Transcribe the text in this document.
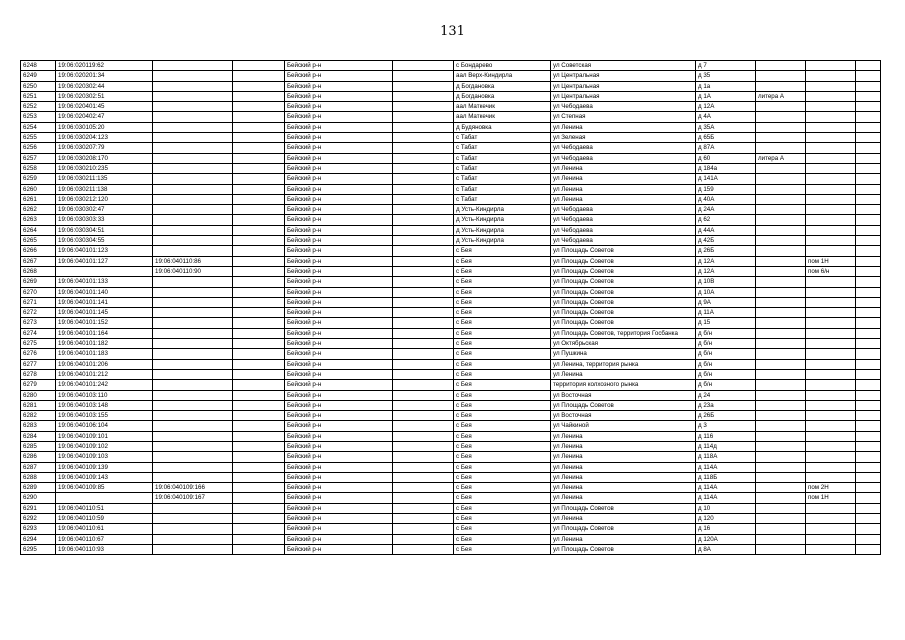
131
6248	19:06:020119:62			Бейский р-н		с Бондарево	ул Советская	д 7			
6249	19:06:020201:34			Бейский р-н		аал Верх-Киндирла	ул Центральная	д 35			
6250	19:06:020302:44			Бейский р-н		д Богдановка	ул Центральная	д 1а			
6251	19:06:020302:51			Бейский р-н		д Богдановка	ул Центральная	д 1А	литера А		
6252	19:06:020401:45			Бейский р-н		аал Маткечик	ул Чебодаева	д 12А			
6253	19:06:020402:47			Бейский р-н		аал Маткечик	ул Степная	д 4А			
6254	19:06:030105:20			Бейский р-н		д Будяновка	ул Ленина	д 35А			
6255	19:06:030204:123			Бейский р-н		с Табат	ул Зеленая	д 65Б			
6256	19:06:030207:79			Бейский р-н		с Табат	ул Чебодаева	д 87А			
6257	19:06:030208:170			Бейский р-н		с Табат	ул Чебодаева	д 60	литера А		
6258	19:06:030210:235			Бейский р-н		с Табат	ул Ленина	д 184а			
6259	19:06:030211:135			Бейский р-н		с Табат	ул Ленина	д 141А			
6260	19:06:030211:138			Бейский р-н		с Табат	ул Ленина	д 159			
6261	19:06:030212:120			Бейский р-н		с Табат	ул Ленина	д 40А			
6262	19:06:030302:47			Бейский р-н		д Усть-Киндирла	ул Чебодаева	д 24А			
6263	19:06:030303:33			Бейский р-н		д Усть-Киндирла	ул Чебодаева	д 62			
6264	19:06:030304:51			Бейский р-н		д Усть-Киндирла	ул Чебодаева	д 44А			
6265	19:06:030304:55			Бейский р-н		д Усть-Киндирла	ул Чебодаева	д 42Б			
6266	19:06:040101:123			Бейский р-н		с Бея	ул Площадь Советов	д 26Б			
6267	19:06:040101:127	19:06:040110:86		Бейский р-н		с Бея	ул Площадь Советов	д 12А		пом 1Н	
6268		19:06:040110:90		Бейский р-н		с Бея	ул Площадь Советов	д 12А		пом 6/н	
6269	19:06:040101:133			Бейский р-н		с Бея	ул Площадь Советов	д 10В			
6270	19:06:040101:140			Бейский р-н		с Бея	ул Площадь Советов	д 10А			
6271	19:06:040101:141			Бейский р-н		с Бея	ул Площадь Советов	д 9А			
6272	19:06:040101:145			Бейский р-н		с Бея	ул Площадь Советов	д 11А			
6273	19:06:040101:152			Бейский р-н		с Бея	ул Площадь Советов	д 15			
6274	19:06:040101:164			Бейский р-н		с Бея	ул Площадь Советов, территория Госбанка	д б/н			
6275	19:06:040101:182			Бейский р-н		с Бея	ул Октябрьская	д б/н			
6276	19:06:040101:183			Бейский р-н		с Бея	ул Пушкина	д б/н			
6277	19:06:040101:206			Бейский р-н		с Бея	ул Ленина, территория рынка	д б/н			
6278	19:06:040101:212			Бейский р-н		с Бея	ул Ленина	д б/н			
6279	19:06:040101:242			Бейский р-н		с Бея	территория колхозного рынка	д б/н			
6280	19:06:040103:110			Бейский р-н		с Бея	ул Восточная	д 24			
6281	19:06:040103:148			Бейский р-н		с Бея	ул Площадь Советов	д 23а			
6282	19:06:040103:155			Бейский р-н		с Бея	ул Восточная	д 26Б			
6283	19:06:040106:104			Бейский р-н		с Бея	ул Чайкиной	д 3			
6284	19:06:040109:101			Бейский р-н		с Бея	ул Ленина	д 116			
6285	19:06:040109:102			Бейский р-н		с Бея	ул Ленина	д 114д			
6286	19:06:040109:103			Бейский р-н		с Бея	ул Ленина	д 118А			
6287	19:06:040109:139			Бейский р-н		с Бея	ул Ленина	д 114А			
6288	19:06:040109:143			Бейский р-н		с Бея	ул Ленина	д 118Б			
6289	19:06:040109:85	19:06:040109:166		Бейский р-н		с Бея	ул Ленина	д 114А		пом 2Н	
6290		19:06:040109:167		Бейский р-н		с Бея	ул Ленина	д 114А		пом 1Н	
6291	19:06:040110:51			Бейский р-н		с Бея	ул Площадь Советов	д 10			
6292	19:06:040110:59			Бейский р-н		с Бея	ул Ленина	д 120			
6293	19:06:040110:61			Бейский р-н		с Бея	ул Площадь Советов	д 16			
6294	19:06:040110:67			Бейский р-н		с Бея	ул Ленина	д 120А			
6295	19:06:040110:93			Бейский р-н		с Бея	ул Площадь Советов	д 8А			
